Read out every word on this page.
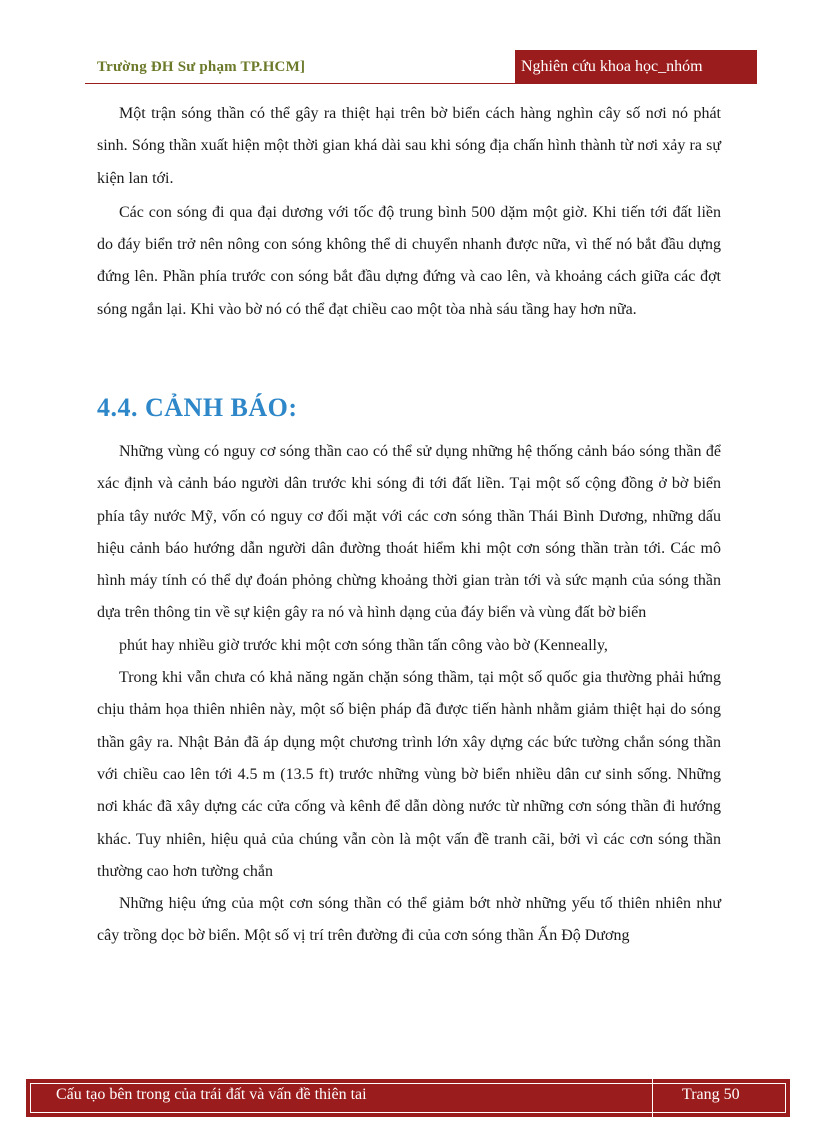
Trường ĐH Sư phạm TP.HCM]	Nghiên cứu khoa học_nhóm

Một trận sóng thần có thể gây ra thiệt hại trên bờ biển cách hàng nghìn cây số nơi nó phát sinh. Sóng thần xuất hiện một thời gian khá dài sau khi sóng địa chấn hình thành từ nơi xảy ra sự kiện lan tới.

Các con sóng đi qua đại dương với tốc độ trung bình 500 dặm một giờ. Khi tiến tới đất liền do đáy biển trở nên nông con sóng không thể di chuyển nhanh được nữa, vì thế nó bắt đầu dựng đứng lên. Phần phía trước con sóng bắt đầu dựng đứng và cao lên, và khoảng cách giữa các đợt sóng ngắn lại. Khi vào bờ nó có thể đạt chiều cao một tòa nhà sáu tầng hay hơn nữa.

4.4. CẢNH BÁO:

Những vùng có nguy cơ sóng thần cao có thể sử dụng những hệ thống cảnh báo sóng thần để xác định và cảnh báo người dân trước khi sóng đi tới đất liền. Tại một số cộng đồng ở bờ biển phía tây nước Mỹ, vốn có nguy cơ đối mặt với các cơn sóng thần Thái Bình Dương, những dấu hiệu cảnh báo hướng dẫn người dân đường thoát hiểm khi một cơn sóng thần tràn tới. Các mô hình máy tính có thể dự đoán phỏng chừng khoảng thời gian tràn tới và sức mạnh của sóng thần dựa trên thông tin về sự kiện gây ra nó và hình dạng của đáy biển và vùng đất bờ biển

phút hay nhiều giờ trước khi một cơn sóng thần tấn công vào bờ (Kenneally,

Trong khi vẫn chưa có khả năng ngăn chặn sóng thầm, tại một số quốc gia thường phải hứng chịu thảm họa thiên nhiên này, một số biện pháp đã được tiến hành nhằm giảm thiệt hại do sóng thần gây ra. Nhật Bản đã áp dụng một chương trình lớn xây dựng các bức tường chắn sóng thần với chiều cao lên tới 4.5 m (13.5 ft) trước những vùng bờ biển nhiều dân cư sinh sống. Những nơi khác đã xây dựng các cửa cống và kênh để dẫn dòng nước từ những cơn sóng thần đi hướng khác. Tuy nhiên, hiệu quả của chúng vẫn còn là một vấn đề tranh cãi, bởi vì các cơn sóng thần thường cao hơn tường chắn

Những hiệu ứng của một cơn sóng thần có thể giảm bớt nhờ những yếu tố thiên nhiên như cây trồng dọc bờ biển. Một số vị trí trên đường đi của cơn sóng thần Ấn Độ Dương

Cấu tạo bên trong của trái đất và vấn đề thiên tai	Trang 50
